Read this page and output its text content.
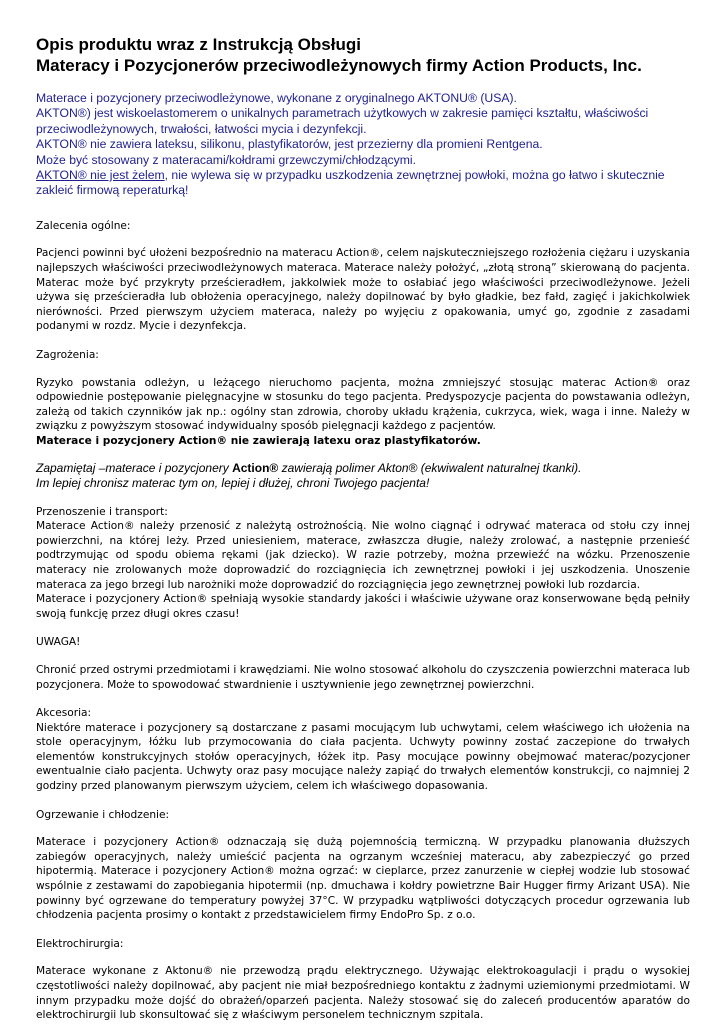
Opis produktu wraz z Instrukcją Obsługi
Materacy i Pozycjonerów przeciwodleżynowych firmy Action Products, Inc.
Materace i pozycjonery przeciwodleżynowe, wykonane z oryginalnego AKTONU® (USA).
AKTON®) jest wiskoelastomerem o unikalnych parametrach użytkowych w zakresie pamięci kształtu, właściwości przeciwodleżynowych, trwałości, łatwości mycia i dezynfekcji.
AKTON® nie zawiera lateksu, silikonu, plastyfikatorów, jest przezierny dla promieni Rentgena.
Może być stosowany z materacami/kołdrami grzewczymi/chłodzącymi.
AKTON® nie jest żelem, nie wylewa się w przypadku uszkodzenia zewnętrznej powłoki, można go łatwo i skutecznie zakleić firmową reperaturką!
Zalecenia ogólne:

Pacjenci powinni być ułożeni bezpośrednio na materacu Action®, celem najskuteczniejszego rozłożenia ciężaru i uzyskania najlepszych właściwości przeciwodleżynowych materaca. Materace należy położyć, „złotą stroną” skierowaną do pacjenta. Materac może być przykryty prześcieradłem, jakkolwiek może to osłabiać jego właściwości przeciwodleżynowe. Jeżeli używa się prześcieradła lub obłożenia operacyjnego, należy dopilnować by było gładkie, bez fałd, zagięć i jakichkolwiek nierówności. Przed pierwszym użyciem materaca, należy po wyjęciu z opakowania, umyć go, zgodnie z zasadami podanymi w rozdz. Mycie i dezynfekcja.

Zagrożenia:

Ryzyko powstania odleżyn, u leżącego nieruchomo pacjenta, można zmniejszyć stosując materac Action® oraz odpowiednie postępowanie pielęgnacyjne w stosunku do tego pacjenta. Predyspozycje pacjenta do powstawania odleżyn, zależą od takich czynników jak np.: ogólny stan zdrowia, choroby układu krążenia, cukrzyca, wiek, waga i inne. Należy w związku z powyższym stosować indywidualny sposób pielęgnacji każdego z pacjentów.

Materace i pozycjonery Action® nie zawierają latexu oraz plastyfikatorów.

Zapamiętaj –materace i pozycjonery Action® zawierają polimer Akton® (ekwiwalent naturalnej tkanki).
Im lepiej chronisz materac tym on, lepiej i dłużej, chroni Twojego pacjenta!
Przenoszenie i transport:

Materace Action® należy przenosić z należytą ostrożnością. Nie wolno ciągnąć i odrywać materaca od stołu czy innej powierzchni, na której leży. Przed uniesieniem, materace, zwłaszcza długie, należy zrolować, a następnie przenieść podtrzymując od spodu obiema rękami (jak dziecko). W razie potrzeby, można przewieźć na wózku. Przenoszenie materacy nie zrolowanych może doprowadzić do rozciągnięcia ich zewnętrznej powłoki i jej uszkodzenia. Unoszenie materaca za jego brzegi lub narożniki może doprowadzić do rozciągnięcia jego zewnętrznej powłoki lub rozdarcia.

Materace i pozycjonery Action® spełniają wysokie standardy jakości i właściwie używane oraz konserwowane będą pełniły swoją funkcję przez długi okres czasu!

UWAGA!

Chronić przed ostrymi przedmiotami i krawędziami. Nie wolno stosować alkoholu do czyszczenia powierzchni materaca lub pozycjonera. Może to spowodować stwardnienie i usztywnienie jego zewnętrznej powierzchni.

Akcesoria:

Niektóre materace i pozycjonery są dostarczane z pasami mocującym lub uchwytami, celem właściwego ich ułożenia na stole operacyjnym, łóżku lub przymocowania do ciała pacjenta. Uchwyty powinny zostać zaczepione do trwałych elementów konstrukcyjnych stołów operacyjnych, łóżek itp. Pasy mocujące powinny obejmować materac/pozycjoner ewentualnie ciało pacjenta. Uchwyty oraz pasy mocujące należy zapiąć do trwałych elementów konstrukcji, co najmniej 2 godziny przed planowanym pierwszym użyciem, celem ich właściwego dopasowania.

Ogrzewanie i chłodzenie:

Materace i pozycjonery Action® odznaczają się dużą pojemnością termiczną. W przypadku planowania dłuższych zabiegów operacyjnych, należy umieścić pacjenta na ogrzanym wcześniej materacu, aby zabezpieczyć go przed hipotermią. Materace i pozycjonery Action® można ogrzać: w cieplarce, przez zanurzenie w ciepłej wodzie lub stosować wspólnie z zestawami do zapobiegania hipotermii (np. dmuchawa i kołdry powietrzne Bair Hugger firmy Arizant USA). Nie powinny być ogrzewane do temperatury powyżej 37°C. W przypadku wątpliwości dotyczących procedur ogrzewania lub chłodzenia pacjenta prosimy o kontakt z przedstawicielem firmy EndoPro Sp. z o.o.

Elektrochirurgia:

Materace wykonane z Aktonu® nie przewodzą prądu elektrycznego. Używając elektrokoagulacji i prądu o wysokiej częstotliwości należy dopilnować, aby pacjent nie miał bezpośredniego kontaktu z żadnymi uziemionymi przedmiotami. W innym przypadku może dojść do obrażeń/oparzeń pacjenta. Należy stosować się do zaleceń producentów aparatów do elektrochirurgii lub skonsultować się z właściwym personelem technicznym szpitala.
